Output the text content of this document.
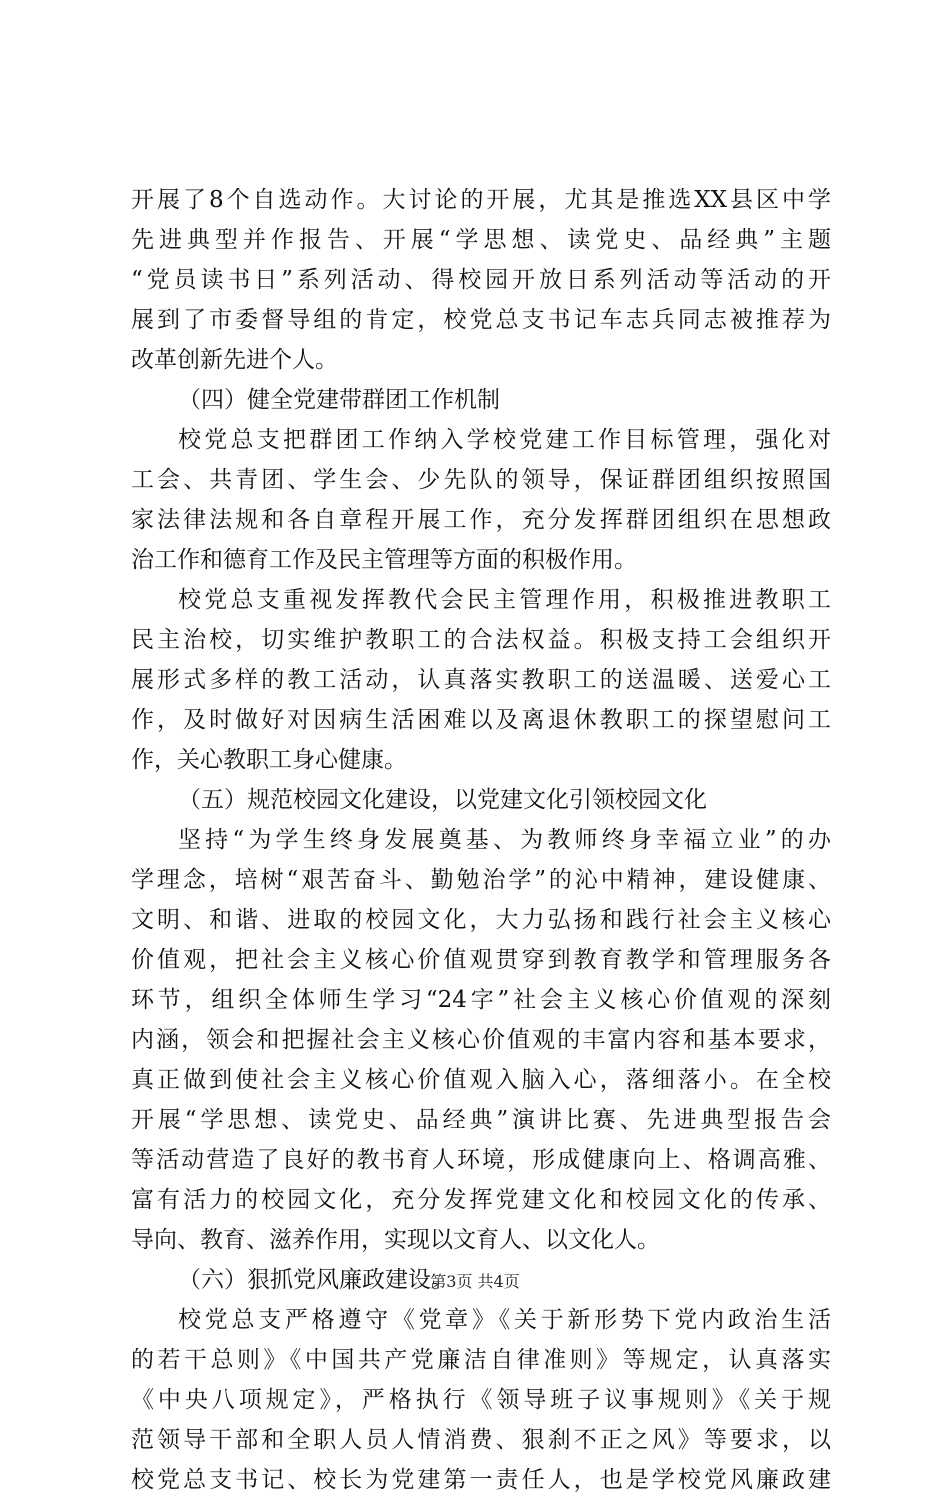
开展了8个自选动作。大讨论的开展，尤其是推选XX县区中学
先进典型并作报告、开展“学思想、读党史、品经典”主题
“党员读书日”系列活动、得校园开放日系列活动等活动的开
展到了市委督导组的肯定，校党总支书记车志兵同志被推荐为
改革创新先进个人。
（四）健全党建带群团工作机制
校党总支把群团工作纳入学校党建工作目标管理，强化对
工会、共青团、学生会、少先队的领导，保证群团组织按照国
家法律法规和各自章程开展工作，充分发挥群团组织在思想政
治工作和德育工作及民主管理等方面的积极作用。
校党总支重视发挥教代会民主管理作用，积极推进教职工
民主治校，切实维护教职工的合法权益。积极支持工会组织开
展形式多样的教工活动，认真落实教职工的送温暖、送爱心工
作，及时做好对因病生活困难以及离退休教职工的探望慰问工
作，关心教职工身心健康。
（五）规范校园文化建设，以党建文化引领校园文化
坚持“为学生终身发展奠基、为教师终身幸福立业”的办
学理念，培树“艰苦奋斗、勤勉治学”的沁中精神，建设健康、
文明、和谐、进取的校园文化，大力弘扬和践行社会主义核心
价值观，把社会主义核心价值观贯穿到教育教学和管理服务各
环节，组织全体师生学习“24字”社会主义核心价值观的深刻
内涵，领会和把握社会主义核心价值观的丰富内容和基本要求，
真正做到使社会主义核心价值观入脑入心，落细落小。在全校
开展“学思想、读党史、品经典”演讲比赛、先进典型报告会
等活动营造了良好的教书育人环境，形成健康向上、格调高雅、
富有活力的校园文化，充分发挥党建文化和校园文化的传承、
导向、教育、滋养作用，实现以文育人、以文化人。
（六）狠抓党风廉政建设。
校党总支严格遵守《党章》《关于新形势下党内政治生活
的若干总则》《中国共产党廉洁自律准则》等规定，认真落实
《中央八项规定》，严格执行《领导班子议事规则》《关于规
范领导干部和全职人员人情消费、狠刹不正之风》等要求，以
校党总支书记、校长为党建第一责任人，也是学校党风廉政建
第3页 共4页
